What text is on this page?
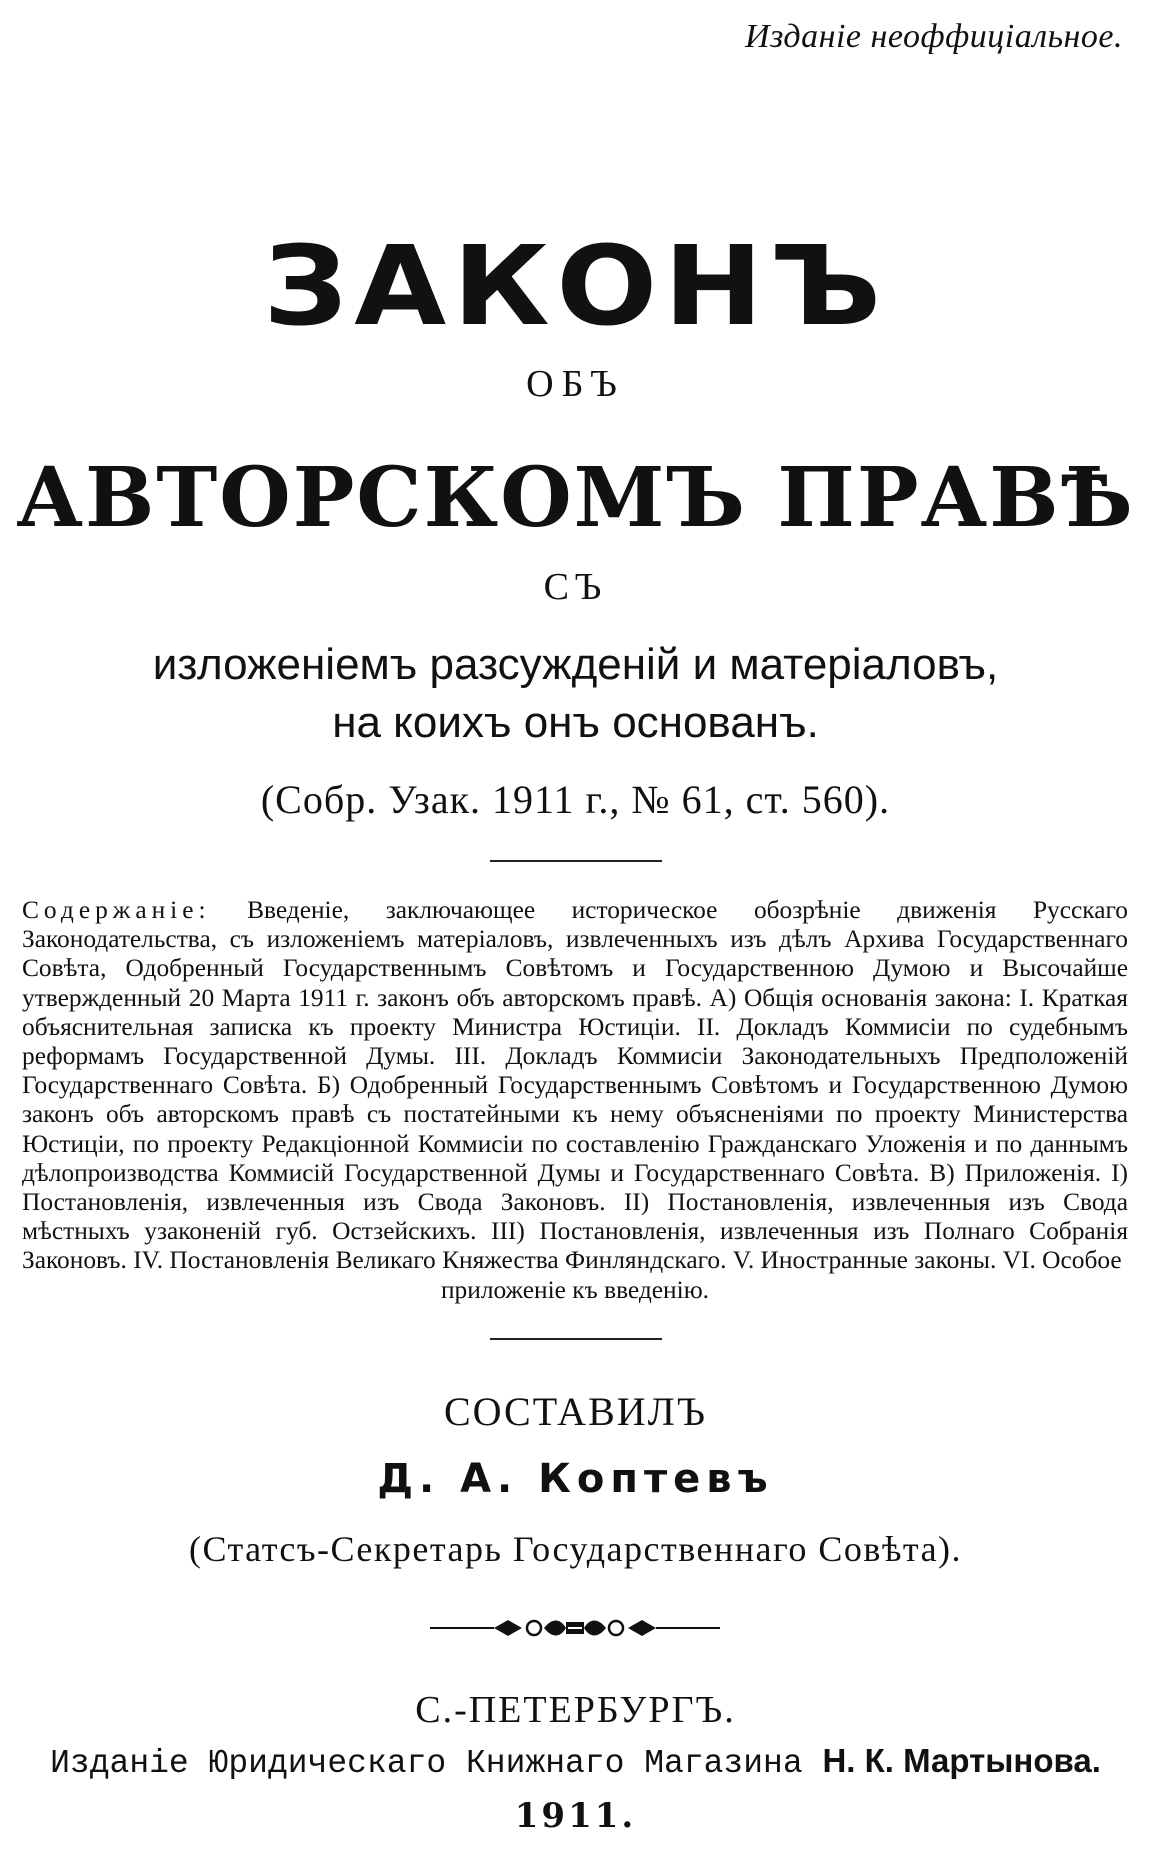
Изданіе неоффиціальное.
ЗАКОНЪ
ОБЪ
АВТОРСКОМЪ ПРАВѢ
СЪ
изложеніемъ разсужденій и матеріаловъ,
на коихъ онъ основанъ.
(Собр. Узак. 1911 г., № 61, ст. 560).
Содержаніе: Введеніе, заключающее историческое обозрѣніе движенія Русскаго Законодательства, съ изложеніемъ матеріаловъ, извлеченныхъ изъ дѣлъ Архива Государственнаго Совѣта, Одобренный Государственнымъ Совѣтомъ и Государственною Думою и Высочайше утвержденный 20 Марта 1911 г. законъ объ авторскомъ правѣ. А) Общія основанія закона: I. Краткая объяснительная записка къ проекту Министра Юстиціи. II. Докладъ Коммисіи по судебнымъ реформамъ Государственной Думы. III. Докладъ Коммисіи Законодательныхъ Предположеній Государственнаго Совѣта. Б) Одобренный Государственнымъ Совѣтомъ и Государственною Думою законъ объ авторскомъ правѣ съ постатейными къ нему объясненіями по проекту Министерства Юстиціи, по проекту Редакціонной Коммисіи по составленію Гражданскаго Уложенія и по даннымъ дѣлопроизводства Коммисій Государственной Думы и Государственнаго Совѣта. В) Приложенія. I) Постановленія, извлеченныя изъ Свода Законовъ. II) Постановленія, извлеченныя изъ Свода мѣстныхъ узаконеній губ. Остзейскихъ. III) Постановленія, извлеченныя изъ Полнаго Собранія Законовъ. IV. Постановленія Великаго Княжества Финляндскаго. V. Иностранные законы. VI. Особое
приложеніе къ введенію.
СОСТАВИЛЪ
Д. А. Коптевъ
(Статсъ-Секретарь Государственнаго Совѣта).
С.-ПЕТЕРБУРГЪ.
Изданіе Юридическаго Книжнаго Магазина Н. К. Мартынова.
1911.
